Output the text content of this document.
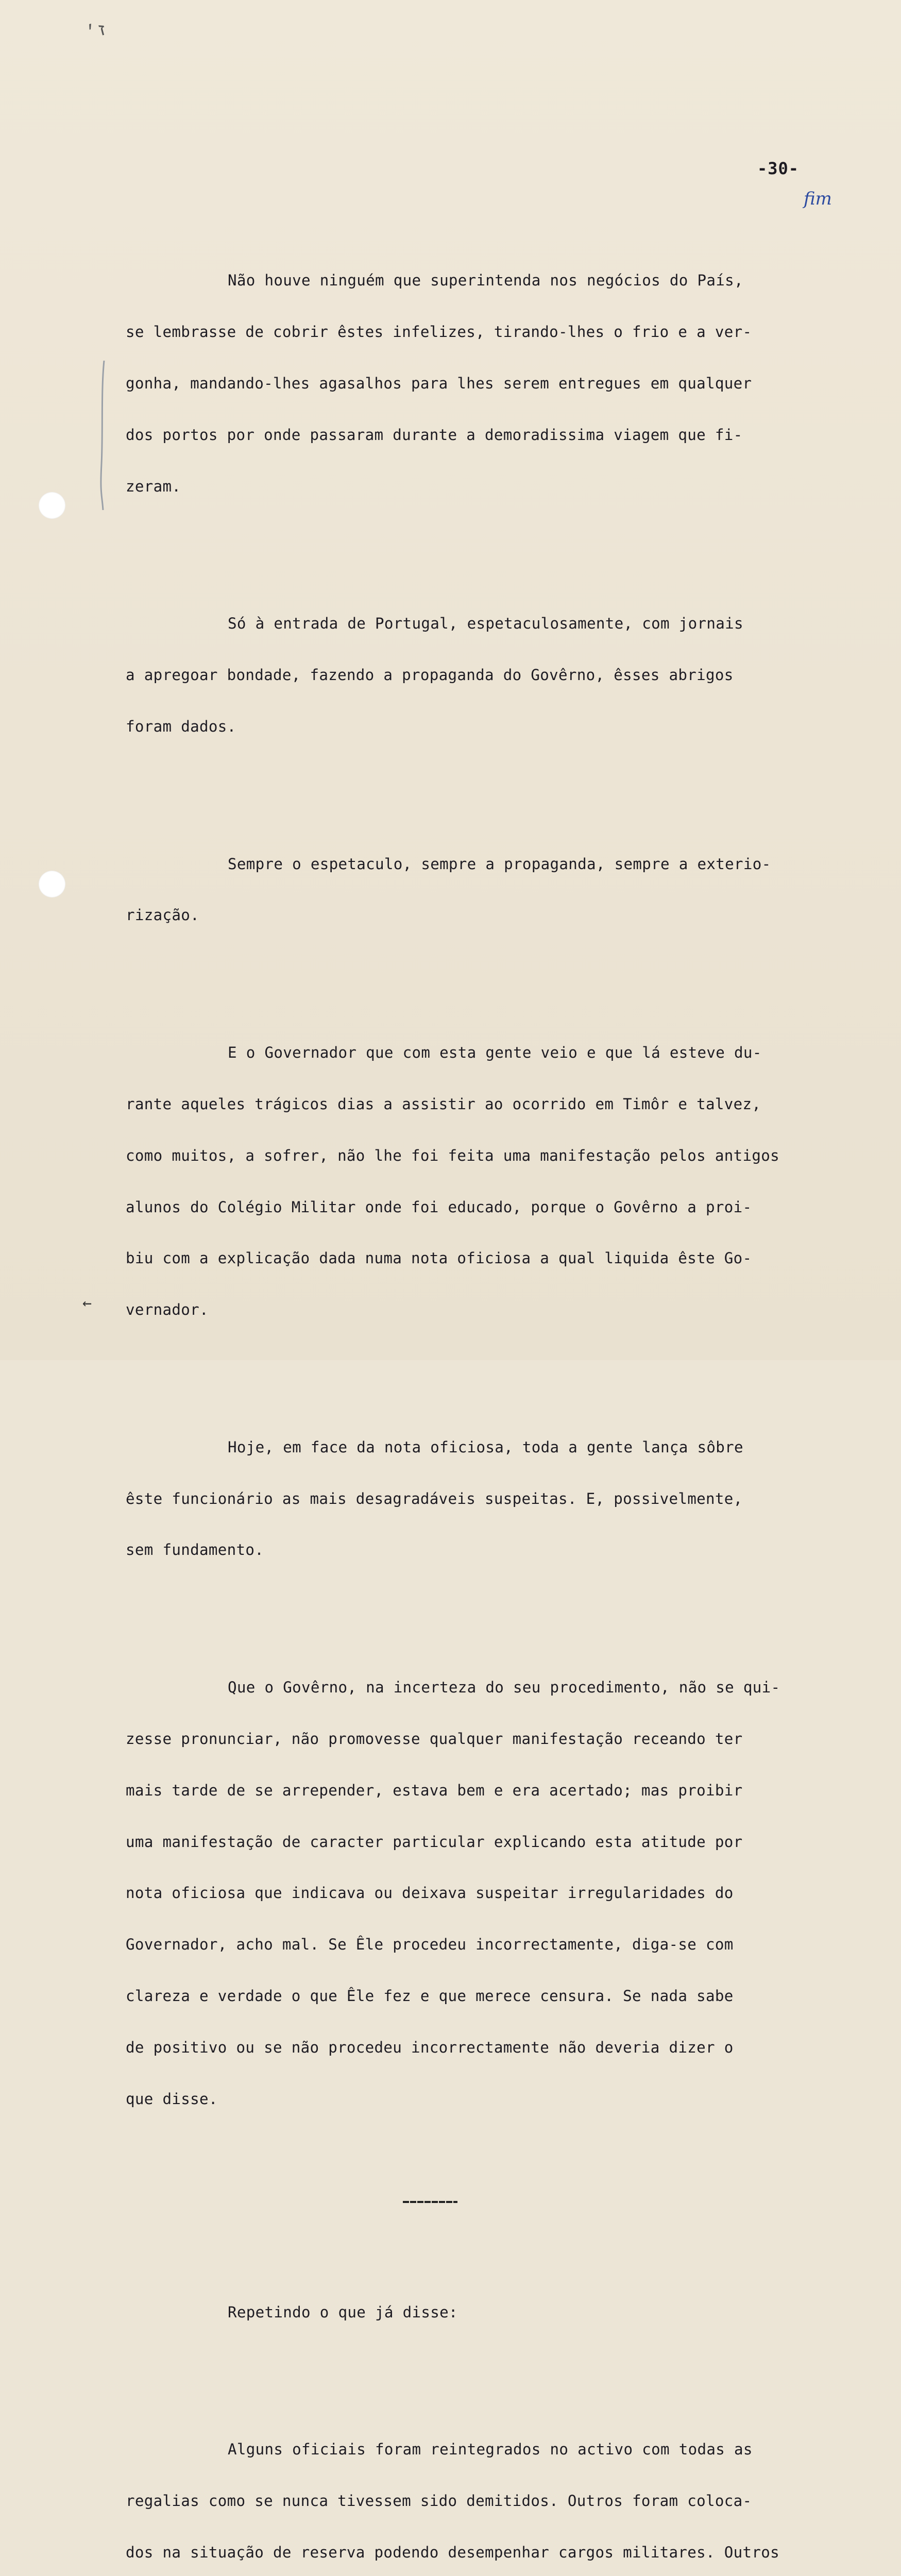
ז׳
←
-30-
fim

Não houve ninguém que superintenda nos negócios do País,

se lembrasse de cobrir êstes infelizes, tirando-lhes o frio e a ver-

gonha, mandando-lhes agasalhos para lhes serem entregues em qualquer

dos portos por onde passaram durante a demoradissima viagem que fi-

zeram.

Só à entrada de Portugal, espetaculosamente, com jornais

a apregoar bondade, fazendo a propaganda do Govêrno, êsses abrigos

foram dados.

Sempre o espetaculo, sempre a propaganda, sempre a exterio-

rização.

E o Governador que com esta gente veio e que lá esteve du-

rante aqueles trágicos dias a assistir ao ocorrido em Timôr e talvez,

como muitos, a sofrer, não lhe foi feita uma manifestação pelos antigos

alunos do Colégio Militar onde foi educado, porque o Govêrno a proi-

biu com a explicação dada numa nota oficiosa a qual liquida êste Go-

vernador.

Hoje, em face da nota oficiosa, toda a gente lança sôbre

êste funcionário as mais desagradáveis suspeitas. E, possivelmente,

sem fundamento.

Que o Govêrno, na incerteza do seu procedimento, não se qui-

zesse pronunciar, não promovesse qualquer manifestação receando ter

mais tarde de se arrepender, estava bem e era acertado; mas proibir

uma manifestação de caracter particular explicando esta atitude por

nota oficiosa que indicava ou deixava suspeitar irregularidades do

Governador, acho mal. Se Êle procedeu incorrectamente, diga-se com

clareza e verdade o que Êle fez e que merece censura. Se nada sabe

de positivo ou se não procedeu incorrectamente não deveria dizer o

que disse.

Repetindo o que já disse:

Alguns oficiais foram reintegrados no activo com todas as

regalias como se nunca tivessem sido demitidos. Outros foram coloca-

dos na situação de reserva podendo desempenhar cargos militares. Outros
